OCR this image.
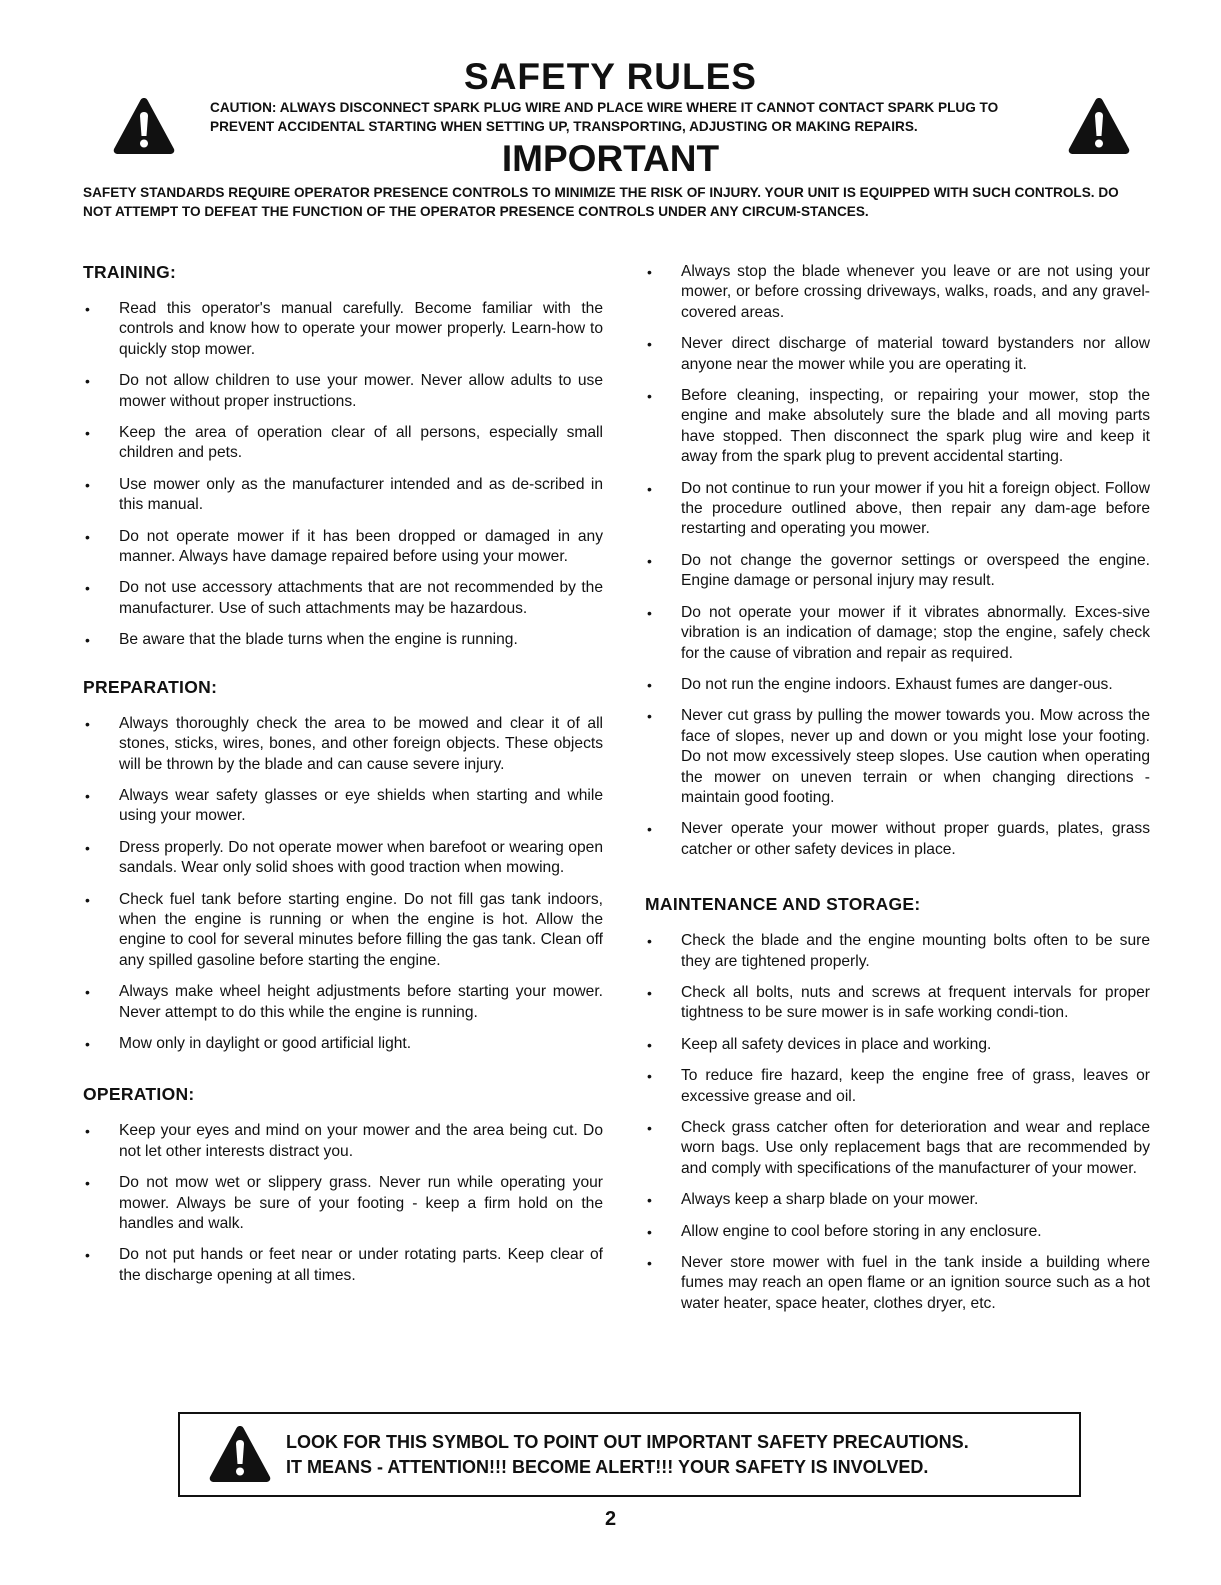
SAFETY RULES
CAUTION: ALWAYS DISCONNECT SPARK PLUG WIRE AND PLACE WIRE WHERE IT CANNOT CONTACT SPARK PLUG TO PREVENT ACCIDENTAL STARTING WHEN SETTING UP, TRANSPORTING, ADJUSTING OR MAKING REPAIRS.
IMPORTANT
SAFETY STANDARDS REQUIRE OPERATOR PRESENCE CONTROLS TO MINIMIZE THE RISK OF INJURY. YOUR UNIT IS EQUIPPED WITH SUCH CONTROLS. DO NOT ATTEMPT TO DEFEAT THE FUNCTION OF THE OPERATOR PRESENCE CONTROLS UNDER ANY CIRCUM-STANCES.
TRAINING:
• Read this operator's manual carefully. Become familiar with the controls and know how to operate your mower properly. Learn-how to quickly stop mower.
• Do not allow children to use your mower. Never allow adults to use mower without proper instructions.
• Keep the area of operation clear of all persons, especially small children and pets.
• Use mower only as the manufacturer intended and as de-scribed in this manual.
• Do not operate mower if it has been dropped or damaged in any manner. Always have damage repaired before using your mower.
• Do not use accessory attachments that are not recommended by the manufacturer. Use of such attachments may be hazardous.
• Be aware that the blade turns when the engine is running.
PREPARATION:
• Always thoroughly check the area to be mowed and clear it of all stones, sticks, wires, bones, and other foreign objects. These objects will be thrown by the blade and can cause severe injury.
• Always wear safety glasses or eye shields when starting and while using your mower.
• Dress properly. Do not operate mower when barefoot or wearing open sandals. Wear only solid shoes with good traction when mowing.
• Check fuel tank before starting engine. Do not fill gas tank indoors, when the engine is running or when the engine is hot. Allow the engine to cool for several minutes before filling the gas tank. Clean off any spilled gasoline before starting the engine.
• Always make wheel height adjustments before starting your mower. Never attempt to do this while the engine is running.
• Mow only in daylight or good artificial light.
OPERATION:
• Keep your eyes and mind on your mower and the area being cut. Do not let other interests distract you.
• Do not mow wet or slippery grass. Never run while operating your mower. Always be sure of your footing - keep a firm hold on the handles and walk.
• Do not put hands or feet near or under rotating parts. Keep clear of the discharge opening at all times.
• Always stop the blade whenever you leave or are not using your mower, or before crossing driveways, walks, roads, and any gravel-covered areas.
• Never direct discharge of material toward bystanders nor allow anyone near the mower while you are operating it.
• Before cleaning, inspecting, or repairing your mower, stop the engine and make absolutely sure the blade and all moving parts have stopped. Then disconnect the spark plug wire and keep it away from the spark plug to prevent accidental starting.
• Do not continue to run your mower if you hit a foreign object. Follow the procedure outlined above, then repair any dam-age before restarting and operating you mower.
• Do not change the governor settings or overspeed the engine. Engine damage or personal injury may result.
• Do not operate your mower if it vibrates abnormally. Exces-sive vibration is an indication of damage; stop the engine, safely check for the cause of vibration and repair as required.
• Do not run the engine indoors. Exhaust fumes are danger-ous.
• Never cut grass by pulling the mower towards you. Mow across the face of slopes, never up and down or you might lose your footing. Do not mow excessively steep slopes. Use caution when operating the mower on uneven terrain or when changing directions - maintain good footing.
• Never operate your mower without proper guards, plates, grass catcher or other safety devices in place.
MAINTENANCE AND STORAGE:
• Check the blade and the engine mounting bolts often to be sure they are tightened properly.
• Check all bolts, nuts and screws at frequent intervals for proper tightness to be sure mower is in safe working condi-tion.
• Keep all safety devices in place and working.
• To reduce fire hazard, keep the engine free of grass, leaves or excessive grease and oil.
• Check grass catcher often for deterioration and wear and replace worn bags. Use only replacement bags that are recommended by and comply with specifications of the manufacturer of your mower.
• Always keep a sharp blade on your mower.
• Allow engine to cool before storing in any enclosure.
• Never store mower with fuel in the tank inside a building where fumes may reach an open flame or an ignition source such as a hot water heater, space heater, clothes dryer, etc.
LOOK FOR THIS SYMBOL TO POINT OUT IMPORTANT SAFETY PRECAUTIONS.
IT MEANS - ATTENTION!!! BECOME ALERT!!! YOUR SAFETY IS INVOLVED.
2
